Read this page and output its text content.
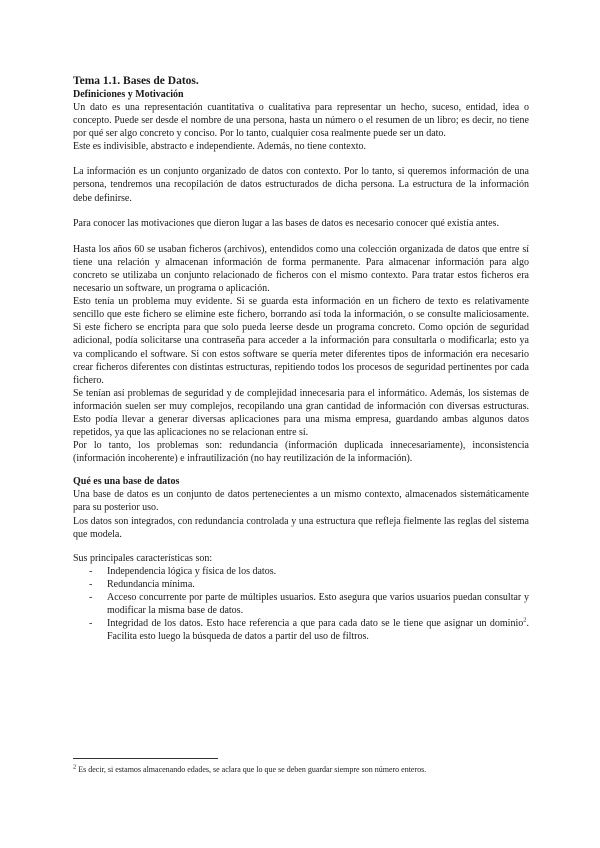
Tema 1.1. Bases de Datos.

Definiciones y Motivación

Un dato es una representación cuantitativa o cualitativa para representar un hecho, suceso, entidad, idea o concepto. Puede ser desde el nombre de una persona, hasta un número o el resumen de un libro; es decir, no tiene por qué ser algo concreto y conciso. Por lo tanto, cualquier cosa realmente puede ser un dato.

Este es indivisible, abstracto e independiente. Además, no tiene contexto.

La información es un conjunto organizado de datos con contexto. Por lo tanto, si queremos información de una persona, tendremos una recopilación de datos estructurados de dicha persona. La estructura de la información debe definirse.

Para conocer las motivaciones que dieron lugar a las bases de datos es necesario conocer qué existía antes.

Hasta los años 60 se usaban ficheros (archivos), entendidos como una colección organizada de datos que entre sí tiene una relación y almacenan información de forma permanente. Para almacenar información para algo concreto se utilizaba un conjunto relacionado de ficheros con el mismo contexto. Para tratar estos ficheros era necesario un software, un programa o aplicación.

Esto tenía un problema muy evidente. Si se guarda esta información en un fichero de texto es relativamente sencillo que este fichero se elimine este fichero, borrando así toda la información, o se consulte maliciosamente. Si este fichero se encripta para que solo pueda leerse desde un programa concreto. Como opción de seguridad adicional, podía solicitarse una contraseña para acceder a la información para consultarla o modificarla; esto ya va complicando el software. Si con estos software se quería meter diferentes tipos de información era necesario crear ficheros diferentes con distintas estructuras, repitiendo todos los procesos de seguridad pertinentes por cada fichero.

Se tenían así problemas de seguridad y de complejidad innecesaria para el informático. Además, los sistemas de información suelen ser muy complejos, recopilando una gran cantidad de información con diversas estructuras. Esto podía llevar a generar diversas aplicaciones para una misma empresa, guardando ambas algunos datos repetidos, ya que las aplicaciones no se relacionan entre sí.

Por lo tanto, los problemas son: redundancia (información duplicada innecesariamente), inconsistencia (información incoherente) e infrautilización (no hay reutilización de la información).

Qué es una base de datos

Una base de datos es un conjunto de datos pertenecientes a un mismo contexto, almacenados sistemáticamente para su posterior uso.

Los datos son integrados, con redundancia controlada y una estructura que refleja fielmente las reglas del sistema que modela.

Sus principales características son:

- Independencia lógica y física de los datos.
- Redundancia mínima.
- Acceso concurrente por parte de múltiples usuarios. Esto asegura que varios usuarios puedan consultar y modificar la misma base de datos.
- Integridad de los datos. Esto hace referencia a que para cada dato se le tiene que asignar un dominio$^2$. Facilita esto luego la búsqueda de datos a partir del uso de filtros.

$^2$ Es decir, si estamos almacenando edades, se aclara que lo que se deben guardar siempre son número enteros.
